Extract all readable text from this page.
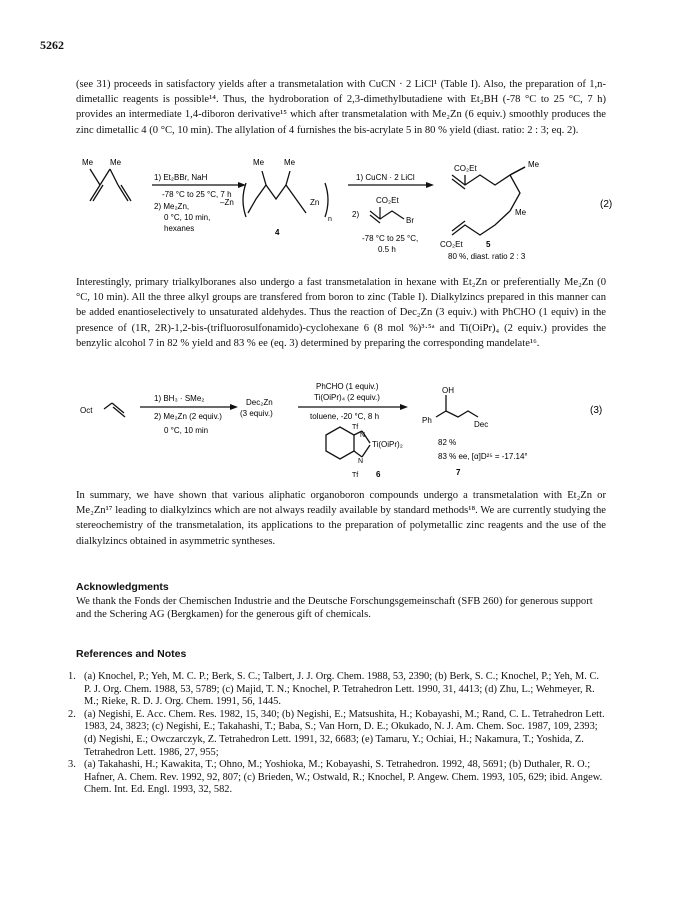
5262
(see 31) proceeds in satisfactory yields after a transmetalation with CuCN · 2 LiCl¹ (Table I). Also, the preparation of 1,n-dimetallic reagents is possible¹⁴. Thus, the hydroboration of 2,3-dimethylbutadiene with Et₂BH (-78 °C to 25 °C, 7 h) provides an intermediate 1,4-diboron derivative¹⁵ which after transmetalation with Me₂Zn (6 equiv.) smoothly produces the zinc dimetallic 4 (0 °C, 10 min). The allylation of 4 furnishes the bis-acrylate 5 in 80 % yield (diast. ratio: 2 : 3; eq. 2).
Me Me
1) Et₂BBr, NaH
-78 °C to 25 °C, 7 h
2) Me₂Zn,
0 °C, 10 min,
hexanes
Me Me
–Zn	Zn
n
4
1) CuCN · 2 LiCl
2)
CO₂Et
Br
-78 °C to 25 °C,
0.5 h
CO₂Et	Me
Me
CO₂Et	5
80 %, diast. ratio 2 : 3
(2)
Interestingly, primary trialkylboranes also undergo a fast transmetalation in hexane with Et₂Zn or preferentially Me₂Zn (0 °C, 10 min). All the three alkyl groups are transfered from boron to zinc (Table I). Dialkylzincs prepared in this manner can be added enantioselectively to unsaturated aldehydes. Thus the reaction of Dec₂Zn (3 equiv.) with PhCHO (1 equiv) in the presence of (1R, 2R)-1,2-bis-(trifluorosulfonamido)-cyclohexane 6 (8 mol %)³·⁵ᵃ and Ti(OiPr)₄ (2 equiv.) provides the benzylic alcohol 7 in 82 % yield and 83 % ee (eq. 3) determined by preparing the corresponding mandelate¹⁶.
Oct
1) BH₃ · SMe₂
2) Me₂Zn (2 equiv.)
0 °C, 10 min
Dec₂Zn
(3 equiv.)
PhCHO (1 equiv.)
Ti(OiPr)₄ (2 equiv.)
toluene, -20 °C, 8 h
Tf
N
Ti(OiPr)₂
N
Tf 6
OH
Ph	Dec
82 %
83 % ee, [α]D²⁵ = -17.14°
7
(3)
In summary, we have shown that various aliphatic organoboron compounds undergo a transmetalation with Et₂Zn or Me₂Zn¹⁷ leading to dialkylzincs which are not always readily available by standard methods¹⁸. We are currently studying the stereochemistry of the transmetalation, its applications to the preparation of polymetallic zinc reagents and the use of the dialkylzincs obtained in asymmetric syntheses.
Acknowledgments
We thank the Fonds der Chemischen Industrie and the Deutsche Forschungsgemeinschaft (SFB 260) for generous support and the Schering AG (Bergkamen) for the generous gift of chemicals.
References and Notes
1. (a) Knochel, P.; Yeh, M. C. P.; Berk, S. C.; Talbert, J. J. Org. Chem. 1988, 53, 2390; (b) Berk, S. C.; Knochel, P.; Yeh, M. C. P. J. Org. Chem. 1988, 53, 5789; (c) Majid, T. N.; Knochel, P. Tetrahedron Lett. 1990, 31, 4413; (d) Zhu, L.; Wehmeyer, R. M.; Rieke, R. D. J. Org. Chem. 1991, 56, 1445.
2. (a) Negishi, E. Acc. Chem. Res. 1982, 15, 340; (b) Negishi, E.; Matsushita, H.; Kobayashi, M.; Rand, C. L. Tetrahedron Lett. 1983, 24, 3823; (c) Negishi, E.; Takahashi, T.; Baba, S.; Van Horn, D. E.; Okukado, N. J. Am. Chem. Soc. 1987, 109, 2393; (d) Negishi, E.; Owczarczyk, Z. Tetrahedron Lett. 1991, 32, 6683; (e) Tamaru, Y.; Ochiai, H.; Nakamura, T.; Yoshida, Z. Tetrahedron Lett. 1986, 27, 955;
3. (a) Takahashi, H.; Kawakita, T.; Ohno, M.; Yoshioka, M.; Kobayashi, S. Tetrahedron. 1992, 48, 5691; (b) Duthaler, R. O.; Hafner, A. Chem. Rev. 1992, 92, 807; (c) Brieden, W.; Ostwald, R.; Knochel, P. Angew. Chem. 1993, 105, 629; ibid. Angew. Chem. Int. Ed. Engl. 1993, 32, 582.
